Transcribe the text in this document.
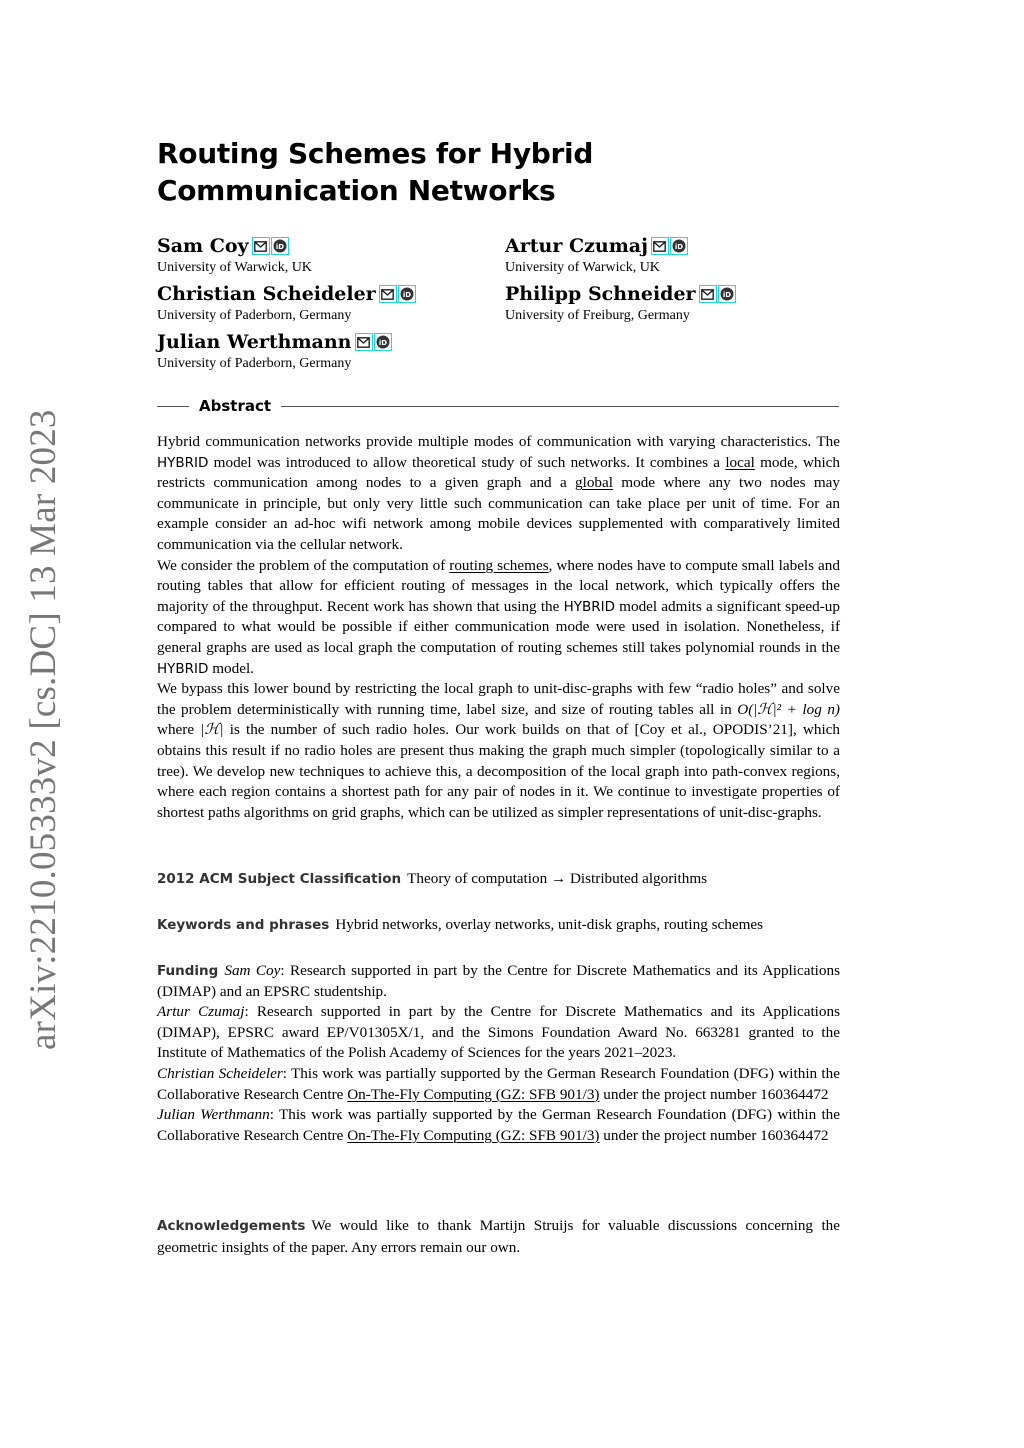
arXiv:2210.05333v2 [cs.DC] 13 Mar 2023
Routing Schemes for Hybrid Communication Networks
Sam Coy	iD
University of Warwick, UK
Artur Czumaj	iD
University of Warwick, UK
Christian Scheideler	iD
University of Paderborn, Germany
Philipp Schneider	iD
University of Freiburg, Germany
Julian Werthmann	iD
University of Paderborn, Germany
Abstract

Hybrid communication networks provide multiple modes of communication with varying characteristics. The HYBRID model was introduced to allow theoretical study of such networks. It combines a local mode, which restricts communication among nodes to a given graph and a global mode where any two nodes may communicate in principle, but only very little such communication can take place per unit of time. For an example consider an ad-hoc wifi network among mobile devices supplemented with comparatively limited communication via the cellular network.

We consider the problem of the computation of routing schemes, where nodes have to compute small labels and routing tables that allow for efficient routing of messages in the local network, which typically offers the majority of the throughput. Recent work has shown that using the HYBRID model admits a significant speed-up compared to what would be possible if either communication mode were used in isolation. Nonetheless, if general graphs are used as local graph the computation of routing schemes still takes polynomial rounds in the HYBRID model.

We bypass this lower bound by restricting the local graph to unit-disc-graphs with few “radio holes” and solve the problem deterministically with running time, label size, and size of routing tables all in O(|ℋ|² + log n) where |ℋ| is the number of such radio holes. Our work builds on that of [Coy et al., OPODIS’21], which obtains this result if no radio holes are present thus making the graph much simpler (topologically similar to a tree). We develop new techniques to achieve this, a decomposition of the local graph into path-convex regions, where each region contains a shortest path for any pair of nodes in it. We continue to investigate properties of shortest paths algorithms on grid graphs, which can be utilized as simpler representations of unit-disc-graphs.

2012 ACM Subject Classification Theory of computation → Distributed algorithms
Keywords and phrases Hybrid networks, overlay networks, unit-disk graphs, routing schemes

Funding Sam Coy: Research supported in part by the Centre for Discrete Mathematics and its Applications (DIMAP) and an EPSRC studentship.

Artur Czumaj: Research supported in part by the Centre for Discrete Mathematics and its Applications (DIMAP), EPSRC award EP/V01305X/1, and the Simons Foundation Award No. 663281 granted to the Institute of Mathematics of the Polish Academy of Sciences for the years 2021–2023.

Christian Scheideler: This work was partially supported by the German Research Foundation (DFG) within the Collaborative Research Centre On-The-Fly Computing (GZ: SFB 901/3) under the project number 160364472

Julian Werthmann: This work was partially supported by the German Research Foundation (DFG) within the Collaborative Research Centre On-The-Fly Computing (GZ: SFB 901/3) under the project number 160364472

Acknowledgements We would like to thank Martijn Struijs for valuable discussions concerning the geometric insights of the paper. Any errors remain our own.
